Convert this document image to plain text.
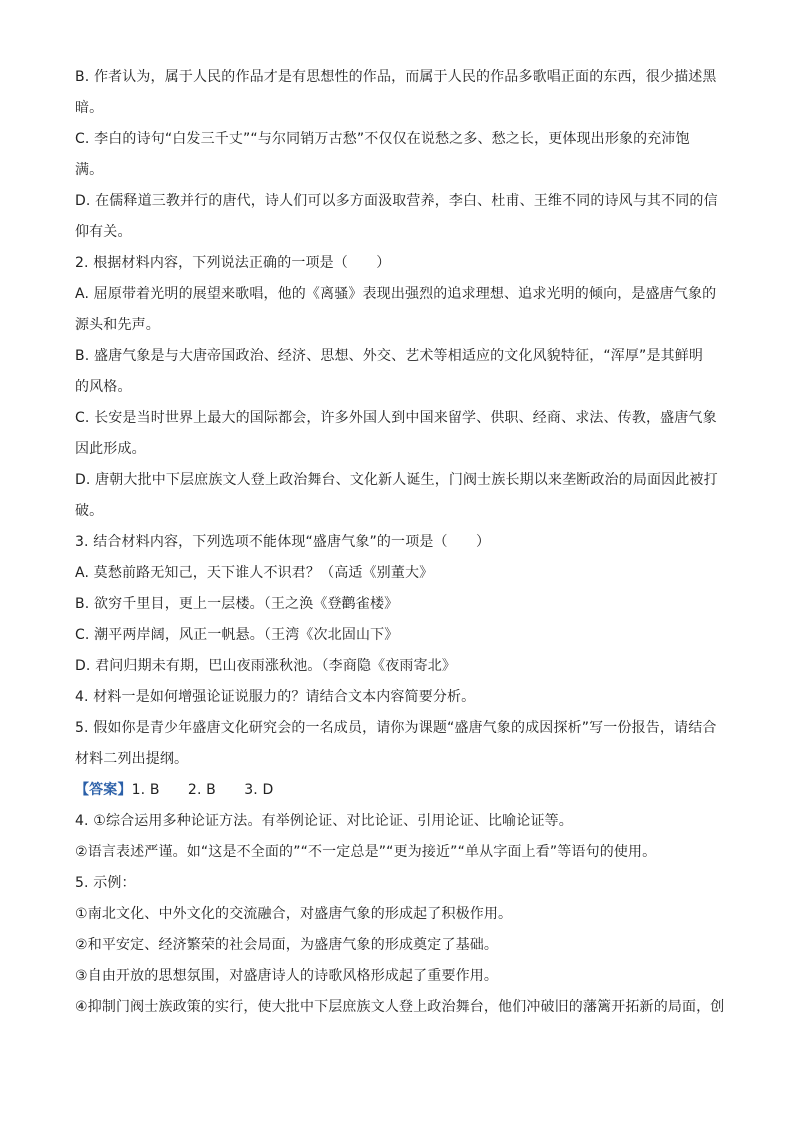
B. 作者认为，属于人民的作品才是有思想性的作品，而属于人民的作品多歌唱正面的东西，很少描述黑
暗。
C. 李白的诗句“白发三千丈”“与尔同销万古愁”不仅仅在说愁之多、愁之长，更体现出形象的充沛饱
满。
D. 在儒释道三教并行的唐代，诗人们可以多方面汲取营养，李白、杜甫、王维不同的诗风与其不同的信
仰有关。
2. 根据材料内容，下列说法正确的一项是（　　）
A. 屈原带着光明的展望来歌唱，他的《离骚》表现出强烈的追求理想、追求光明的倾向，是盛唐气象的
源头和先声。
B. 盛唐气象是与大唐帝国政治、经济、思想、外交、艺术等相适应的文化风貌特征，“浑厚”是其鲜明
的风格。
C. 长安是当时世界上最大的国际都会，许多外国人到中国来留学、供职、经商、求法、传教，盛唐气象
因此形成。
D. 唐朝大批中下层庶族文人登上政治舞台、文化新人诞生，门阀士族长期以来垄断政治的局面因此被打
破。
3. 结合材料内容，下列选项不能体现“盛唐气象”的一项是（　　）
A. 莫愁前路无知己，天下谁人不识君？（高适《别董大》
B. 欲穷千里目，更上一层楼。（王之涣《登鹳雀楼》
C. 潮平两岸阔，风正一帆悬。（王湾《次北固山下》
D. 君问归期未有期，巴山夜雨涨秋池。（李商隐《夜雨寄北》
4. 材料一是如何增强论证说服力的？请结合文本内容简要分析。
5. 假如你是青少年盛唐文化研究会的一名成员，请你为课题“盛唐气象的成因探析”写一份报告，请结合
材料二列出提纲。
【答案】1. B　　2. B　　3. D
4. ①综合运用多种论证方法。有举例论证、对比论证、引用论证、比喻论证等。
②语言表述严谨。如“这是不全面的”“不一定总是”“更为接近”“单从字面上看”等语句的使用。
5. 示例：
①南北文化、中外文化的交流融合，对盛唐气象的形成起了积极作用。
②和平安定、经济繁荣的社会局面，为盛唐气象的形成奠定了基础。
③自由开放的思想氛围，对盛唐诗人的诗歌风格形成起了重要作用。
④抑制门阀士族政策的实行，使大批中下层庶族文人登上政治舞台，他们冲破旧的藩篱开拓新的局面，创
